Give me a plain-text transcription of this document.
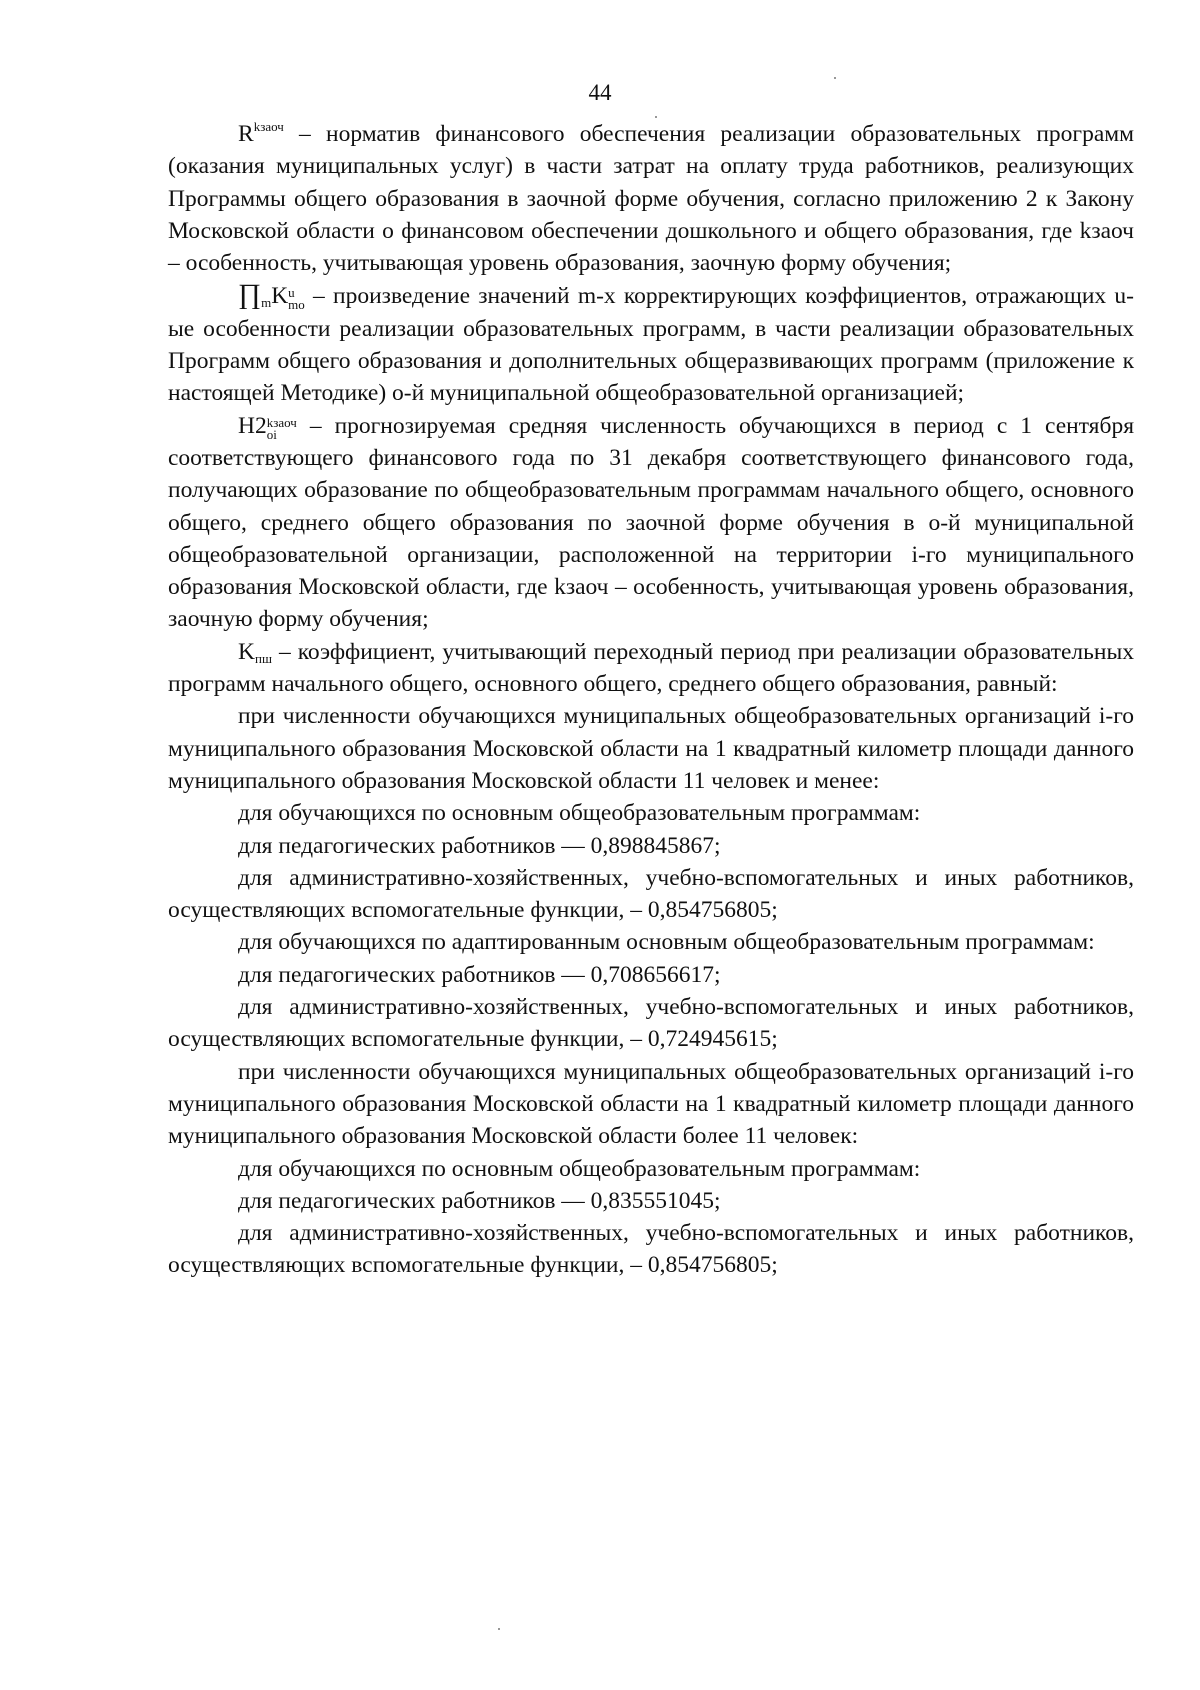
44

$R^{kзаоч}$ – норматив финансового обеспечения реализации образовательных программ (оказания муниципальных услуг) в части затрат на оплату труда работников, реализующих Программы общего образования в заочной форме обучения, согласно приложению 2 к Закону Московской области о финансовом обеспечении дошкольного и общего образования, где kзаоч – особенность, учитывающая уровень образования, заочную форму обучения;

$\prod_mK$ u
mo – произведение значений m-х корректирующих коэффициентов, отражающих u-ые особенности реализации образовательных программ, в части реализации образовательных Программ общего образования и дополнительных общеразвивающих программ (приложение к настоящей Методике) o-й муниципальной общеобразовательной организацией;

H2 kзаоч
oi – прогнозируемая средняя численность обучающихся в период с 1 сентября соответствующего финансового года по 31 декабря соответствующего финансового года, получающих образование по общеобразовательным программам начального общего, основного общего, среднего общего образования по заочной форме обучения в o-й муниципальной общеобразовательной организации, расположенной на территории i-го муниципального образования Московской области, где kзаоч – особенность, учитывающая уровень образования, заочную форму обучения;

$K_{пш}$ – коэффициент, учитывающий переходный период при реализации образовательных программ начального общего, основного общего, среднего общего образования, равный:

при численности обучающихся муниципальных общеобразовательных организаций i-го муниципального образования Московской области на 1 квадратный километр площади данного муниципального образования Московской области 11 человек и менее:

для обучающихся по основным общеобразовательным программам:

для педагогических работников — 0,898845867;

для административно-хозяйственных, учебно-вспомогательных и иных работников, осуществляющих вспомогательные функции, – 0,854756805;

для обучающихся по адаптированным основным общеобразовательным программам:

для педагогических работников — 0,708656617;

для административно-хозяйственных, учебно-вспомогательных и иных работников, осуществляющих вспомогательные функции, – 0,724945615;

при численности обучающихся муниципальных общеобразовательных организаций i-го муниципального образования Московской области на 1 квадратный километр площади данного муниципального образования Московской области более 11 человек:

для обучающихся по основным общеобразовательным программам:

для педагогических работников — 0,835551045;

для административно-хозяйственных, учебно-вспомогательных и иных работников, осуществляющих вспомогательные функции, – 0,854756805;
